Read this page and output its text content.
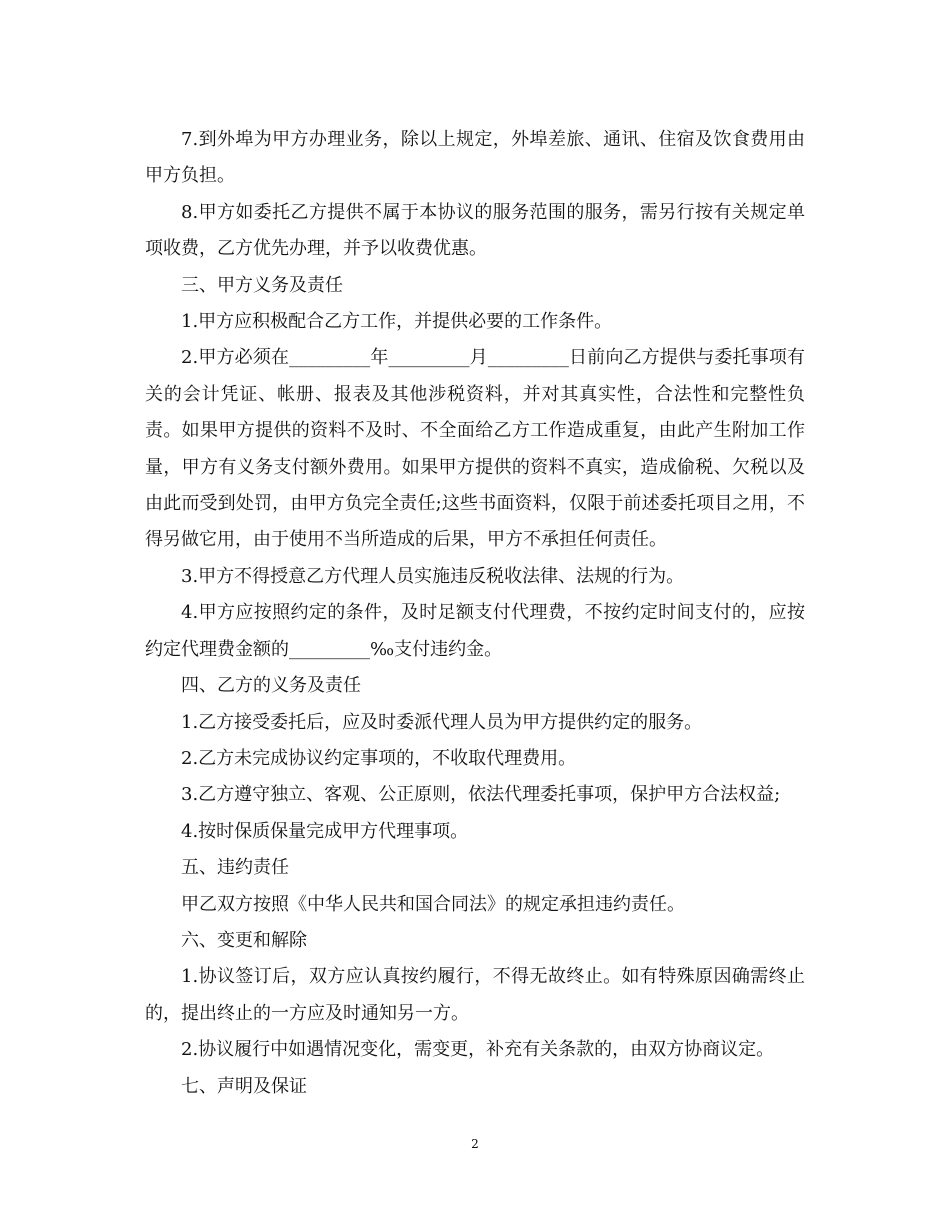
7.到外埠为甲方办理业务，除以上规定，外埠差旅、通讯、住宿及饮食费用由甲方负担。

8.甲方如委托乙方提供不属于本协议的服务范围的服务，需另行按有关规定单项收费，乙方优先办理，并予以收费优惠。

三、甲方义务及责任

1.甲方应积极配合乙方工作，并提供必要的工作条件。

2.甲方必须在_________年_________月_________日前向乙方提供与委托事项有关的会计凭证、帐册、报表及其他涉税资料，并对其真实性，合法性和完整性负责。如果甲方提供的资料不及时、不全面给乙方工作造成重复，由此产生附加工作量，甲方有义务支付额外费用。如果甲方提供的资料不真实，造成偷税、欠税以及由此而受到处罚，由甲方负完全责任;这些书面资料，仅限于前述委托项目之用，不得另做它用，由于使用不当所造成的后果，甲方不承担任何责任。

3.甲方不得授意乙方代理人员实施违反税收法律、法规的行为。

4.甲方应按照约定的条件，及时足额支付代理费，不按约定时间支付的，应按约定代理费金额的_________‰支付违约金。

四、乙方的义务及责任

1.乙方接受委托后，应及时委派代理人员为甲方提供约定的服务。

2.乙方未完成协议约定事项的，不收取代理费用。

3.乙方遵守独立、客观、公正原则，依法代理委托事项，保护甲方合法权益;

4.按时保质保量完成甲方代理事项。

五、违约责任

甲乙双方按照《中华人民共和国合同法》的规定承担违约责任。

六、变更和解除

1.协议签订后，双方应认真按约履行，不得无故终止。如有特殊原因确需终止的，提出终止的一方应及时通知另一方。

2.协议履行中如遇情况变化，需变更，补充有关条款的，由双方协商议定。

七、声明及保证

2
